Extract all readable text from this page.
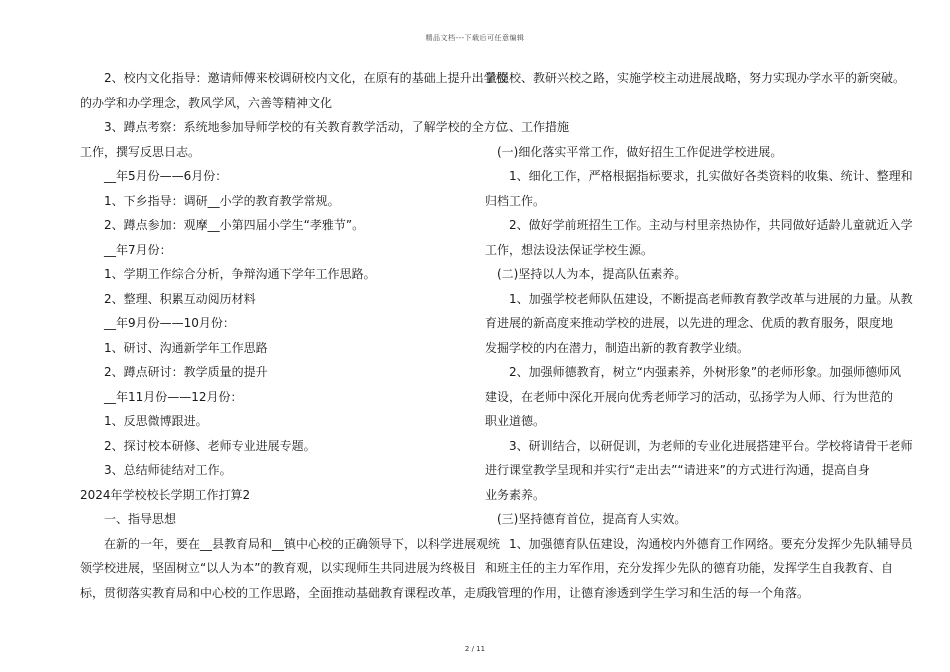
精品文档---下载后可任意编辑
2、校内文化指导：邀请师傅来校调研校内文化，在原有的基础上提升出学校
的办学和办学理念，教风学风，六善等精神文化
3、蹲点考察：系统地参加导师学校的有关教育教学活动，了解学校的全方位
工作，撰写反思日志。
__年5月份——6月份：
1、下乡指导：调研__小学的教育教学常规。
2、蹲点参加：观摩__小第四届小学生“孝雅节”。
__年7月份：
1、学期工作综合分析，争辩沟通下学年工作思路。
2、整理、积累互动阅历材料
__年9月份——10月份：
1、研讨、沟通新学年工作思路
2、蹲点研讨：教学质量的提升
__年11月份——12月份：
1、反思微博跟进。
2、探讨校本研修、老师专业进展专题。
3、总结师徒结对工作。
2024年学校校长学期工作打算2
一、指导思想
在新的一年，要在__县教育局和__镇中心校的正确领导下，以科学进展观统
领学校进展，坚固树立“以人为本”的教育观，以实现师生共同进展为终极目
标，贯彻落实教育局和中心校的工作思路，全面推动基础教育课程改革，走质
量强校、教研兴校之路，实施学校主动进展战略，努力实现办学水平的新突破。
二、工作措施
(一)细化落实平常工作，做好招生工作促进学校进展。
1、细化工作，严格根据指标要求，扎实做好各类资料的收集、统计、整理和
归档工作。
2、做好学前班招生工作。主动与村里亲热协作，共同做好适龄儿童就近入学
工作，想法设法保证学校生源。
(二)坚持以人为本，提高队伍素养。
1、加强学校老师队伍建设，不断提高老师教育教学改革与进展的力量。从教
育进展的新高度来推动学校的进展，以先进的理念、优质的教育服务，限度地
发掘学校的内在潜力，制造出新的教育教学业绩。
2、加强师德教育，树立“内强素养，外树形象”的老师形象。加强师德师风
建设，在老师中深化开展向优秀老师学习的活动，弘扬学为人师、行为世范的
职业道德。
3、研训结合，以研促训，为老师的专业化进展搭建平台。学校将请骨干老师
进行课堂教学呈现和并实行“走出去”“请进来”的方式进行沟通，提高自身
业务素养。
(三)坚持德育首位，提高育人实效。
1、加强德育队伍建设，沟通校内外德育工作网络。要充分发挥少先队辅导员
和班主任的主力军作用，充分发挥少先队的德育功能，发挥学生自我教育、自
我管理的作用，让德育渗透到学生学习和生活的每一个角落。
2 / 11
